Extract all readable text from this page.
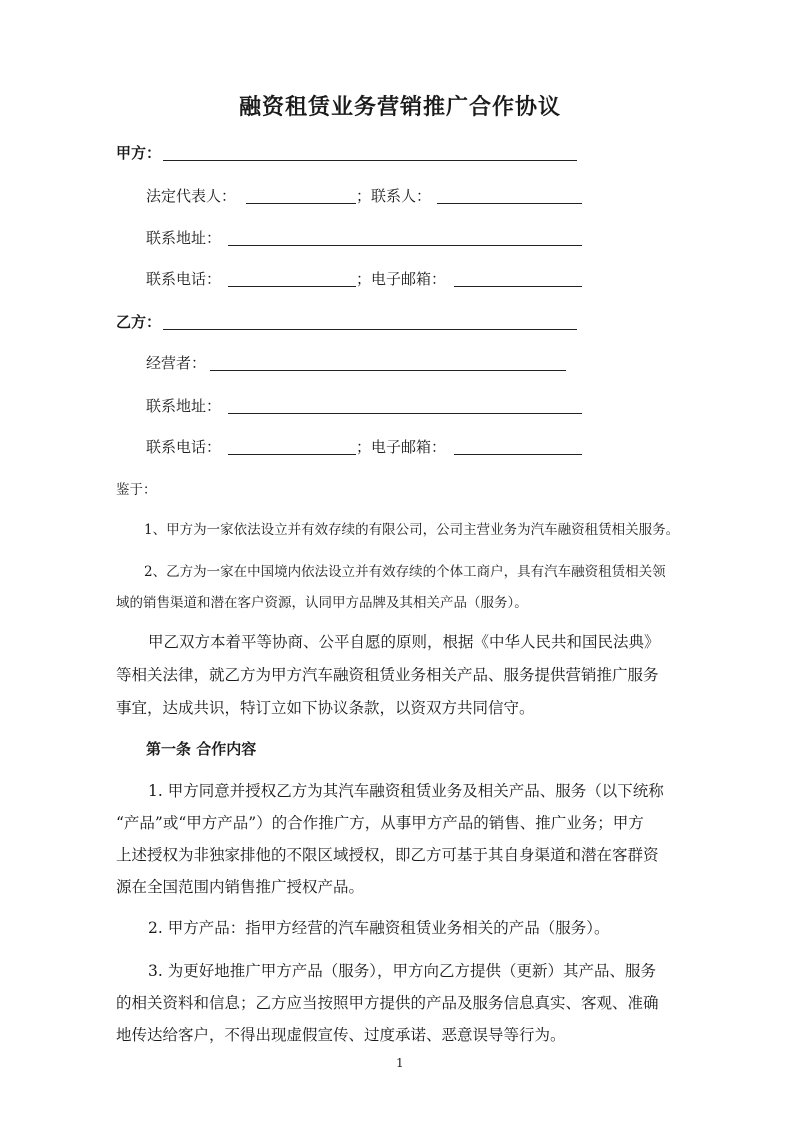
融资租赁业务营销推广合作协议
甲方：
法定代表人：	；联系人：
联系地址：
联系电话：	；电子邮箱：
乙方：
经营者：
联系地址：
联系电话：	；电子邮箱：
鉴于：
1、甲方为一家依法设立并有效存续的有限公司，公司主营业务为汽车融资租赁相关服务。
2、乙方为一家在中国境内依法设立并有效存续的个体工商户，具有汽车融资租赁相关领
域的销售渠道和潜在客户资源，认同甲方品牌及其相关产品（服务）。
甲乙双方本着平等协商、公平自愿的原则，根据《中华人民共和国民法典》
等相关法律，就乙方为甲方汽车融资租赁业务相关产品、服务提供营销推广服务
事宜，达成共识，特订立如下协议条款，以资双方共同信守。
第一条 合作内容
1. 甲方同意并授权乙方为其汽车融资租赁业务及相关产品、服务（以下统称
“产品”或“甲方产品”）的合作推广方，从事甲方产品的销售、推广业务；甲方
上述授权为非独家排他的不限区域授权，即乙方可基于其自身渠道和潜在客群资
源在全国范围内销售推广授权产品。
2. 甲方产品：指甲方经营的汽车融资租赁业务相关的产品（服务）。
3. 为更好地推广甲方产品（服务），甲方向乙方提供（更新）其产品、服务
的相关资料和信息；乙方应当按照甲方提供的产品及服务信息真实、客观、准确
地传达给客户，不得出现虚假宣传、过度承诺、恶意误导等行为。
1
